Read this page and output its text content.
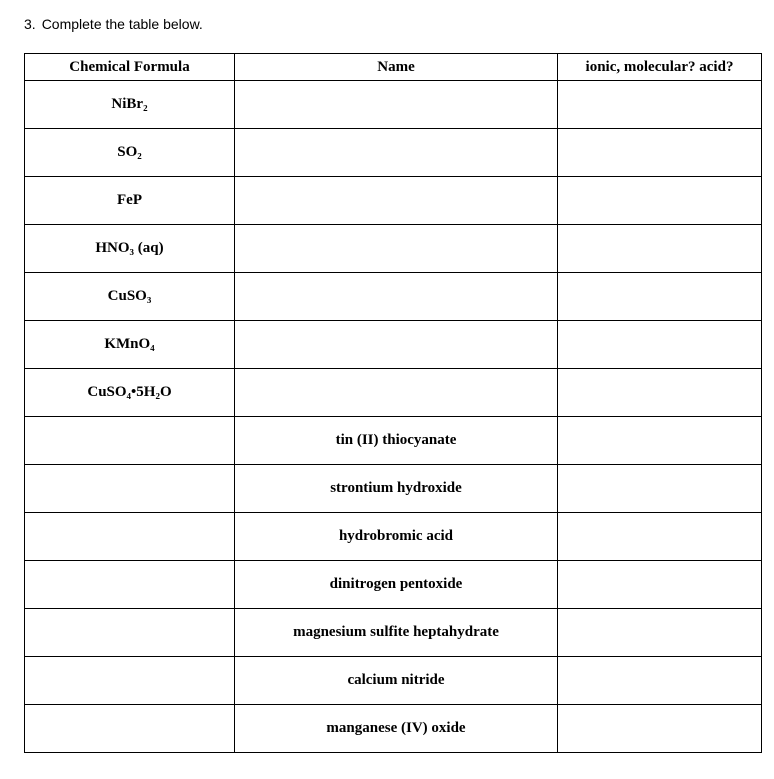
3. Complete the table below.
Chemical Formula	Name	ionic, molecular? acid?
NiBr₂		
SO₂		
FeP		
HNO₃ (aq)		
CuSO₃		
KMnO₄		
CuSO₄•5H₂O		
	tin (II) thiocyanate	
	strontium hydroxide	
	hydrobromic acid	
	dinitrogen pentoxide	
	magnesium sulfite heptahydrate	
	calcium nitride	
	manganese (IV) oxide	
